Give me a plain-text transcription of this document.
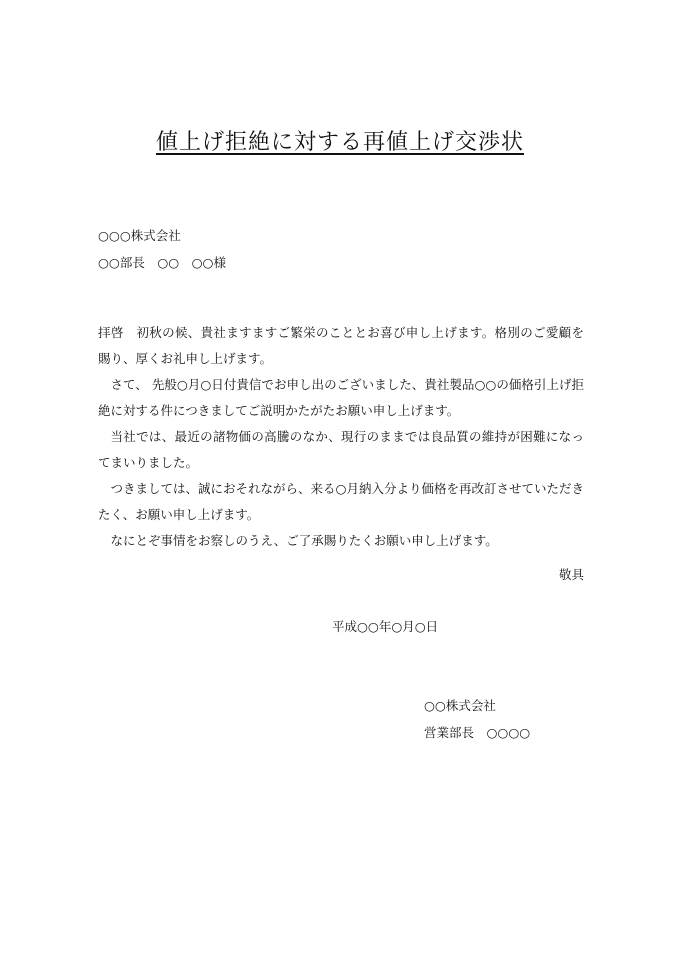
値上げ拒絶に対する再値上げ交渉状
○○○株式会社
○○部長　○○　○○様

拝啓　初秋の候、貴社ますますご繁栄のこととお喜び申し上げます。格別のご愛顧を賜り、厚くお礼申し上げます。

さて、 先般○月○日付貴信でお申し出のございました、貴社製品○○の価格引上げ拒絶に対する件につきましてご説明かたがたお願い申し上げます。

当社では、最近の諸物価の高騰のなか、現行のままでは良品質の維持が困難になってまいりました。

つきましては、誠におそれながら、来る○月納入分より価格を再改訂させていただきたく、お願い申し上げます。

なにとぞ事情をお察しのうえ、ご了承賜りたくお願い申し上げます。

敬具
平成○○年○月○日
○○株式会社
営業部長　○○○○
